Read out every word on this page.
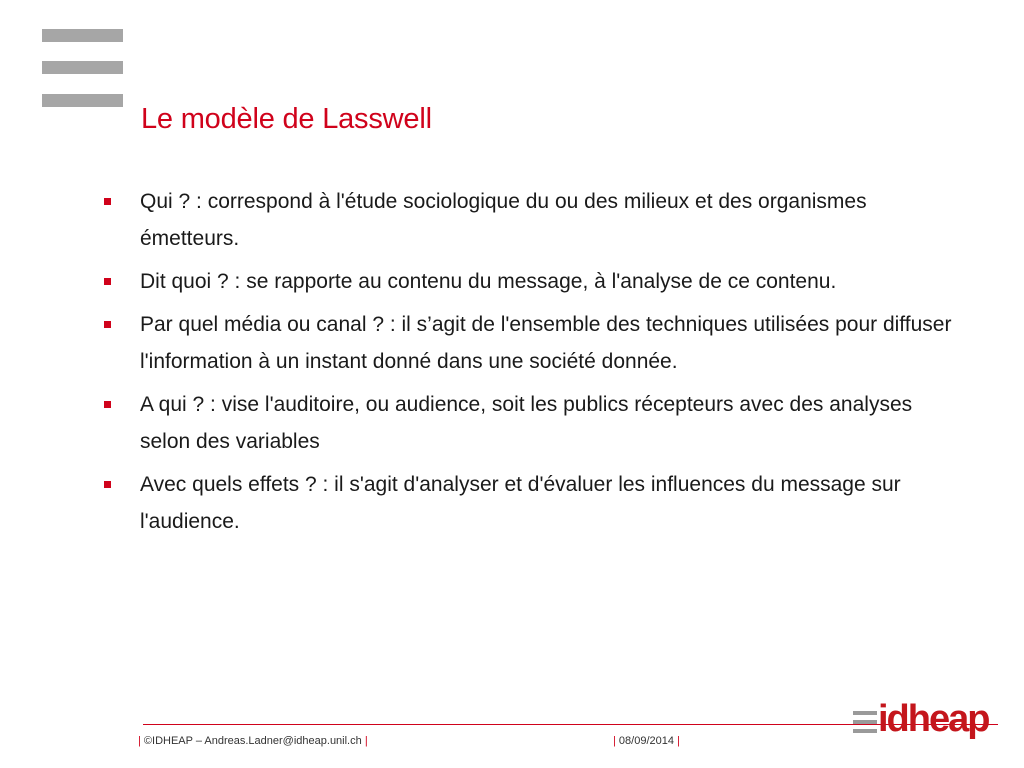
Le modèle de Lasswell
Qui ? : correspond à l'étude sociologique du ou des milieux et des organismes émetteurs.
Dit quoi ? : se rapporte au contenu du message, à l'analyse de ce contenu.
Par quel média ou canal ? : il s’agit de l'ensemble des techniques utilisées pour diffuser l'information à un instant donné dans une société donnée.
A qui ? : vise l'auditoire, ou audience, soit les publics récepteurs avec des analyses selon des variables
Avec quels effets ? : il s'agit d'analyser et d'évaluer les influences du message sur l'audience.
| ©IDHEAP – Andreas.Ladner@idheap.unil.ch |	| 08/09/2014 |
idheap
